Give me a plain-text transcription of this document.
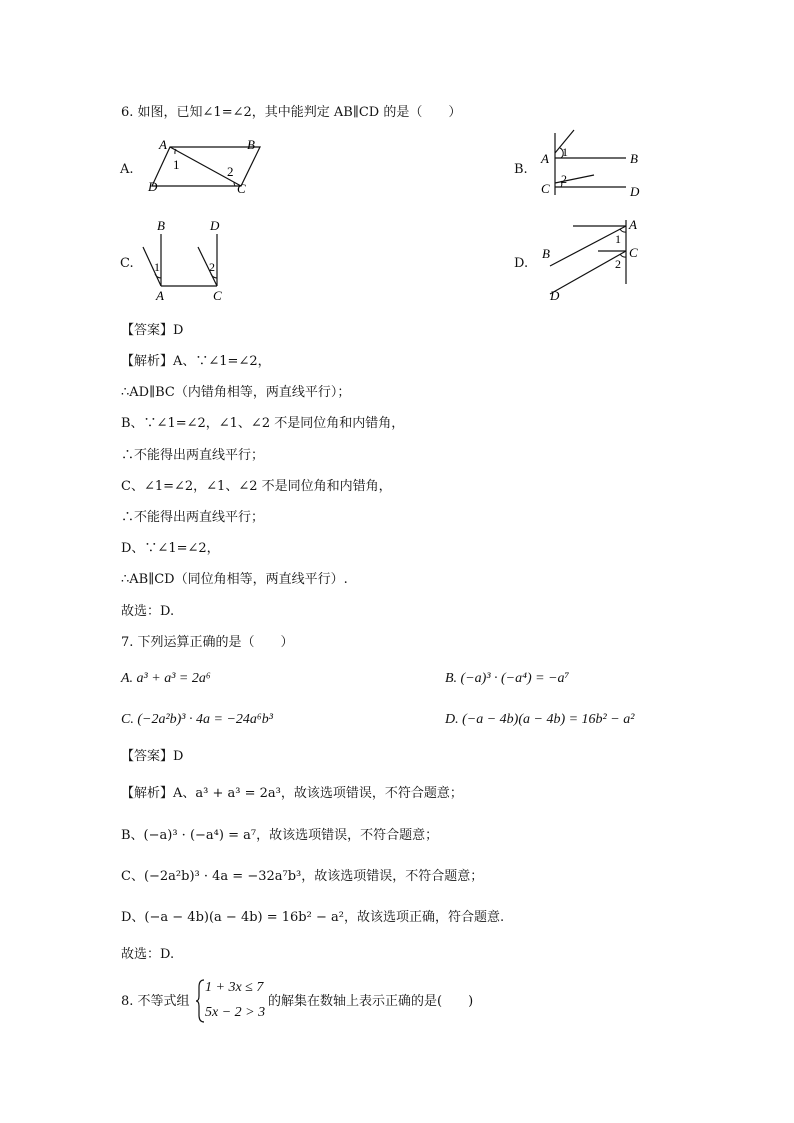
6. 如图，已知∠1=∠2，其中能判定 AB∥CD 的是（　　）
A.
A	B
C
D
1	2	B.
A	B
C	D
1
2
C.
B	D
A	C
1	2	D.
A
B	C
D
1
2
【答案】D
【解析】A、∵∠1=∠2，
∴AD∥BC（内错角相等，两直线平行）；
B、∵∠1=∠2，∠1、∠2 不是同位角和内错角，
∴不能得出两直线平行；
C、∠1=∠2，∠1、∠2 不是同位角和内错角，
∴不能得出两直线平行；
D、∵∠1=∠2，
∴AB∥CD（同位角相等，两直线平行）.
故选：D.
7. 下列运算正确的是（　　）
A. a³ + a³ = 2a⁶	B. (−a)³ · (−a⁴) = −a⁷
C. (−2a²b)³ · 4a = −24a⁶b³	D. (−a − 4b)(a − 4b) = 16b² − a²
【答案】D
【解析】A、a³ + a³ = 2a³，故该选项错误，不符合题意；
B、(−a)³ · (−a⁴) = a⁷，故该选项错误，不符合题意；
C、(−2a²b)³ · 4a = −32a⁷b³，故该选项错误，不符合题意；
D、(−a − 4b)(a − 4b) = 16b² − a²，故该选项正确，符合题意.
故选：D.
8. 不等式组
1 + 3x ≤ 7
5x − 2 > 3
的解集在数轴上表示正确的是(　　)
